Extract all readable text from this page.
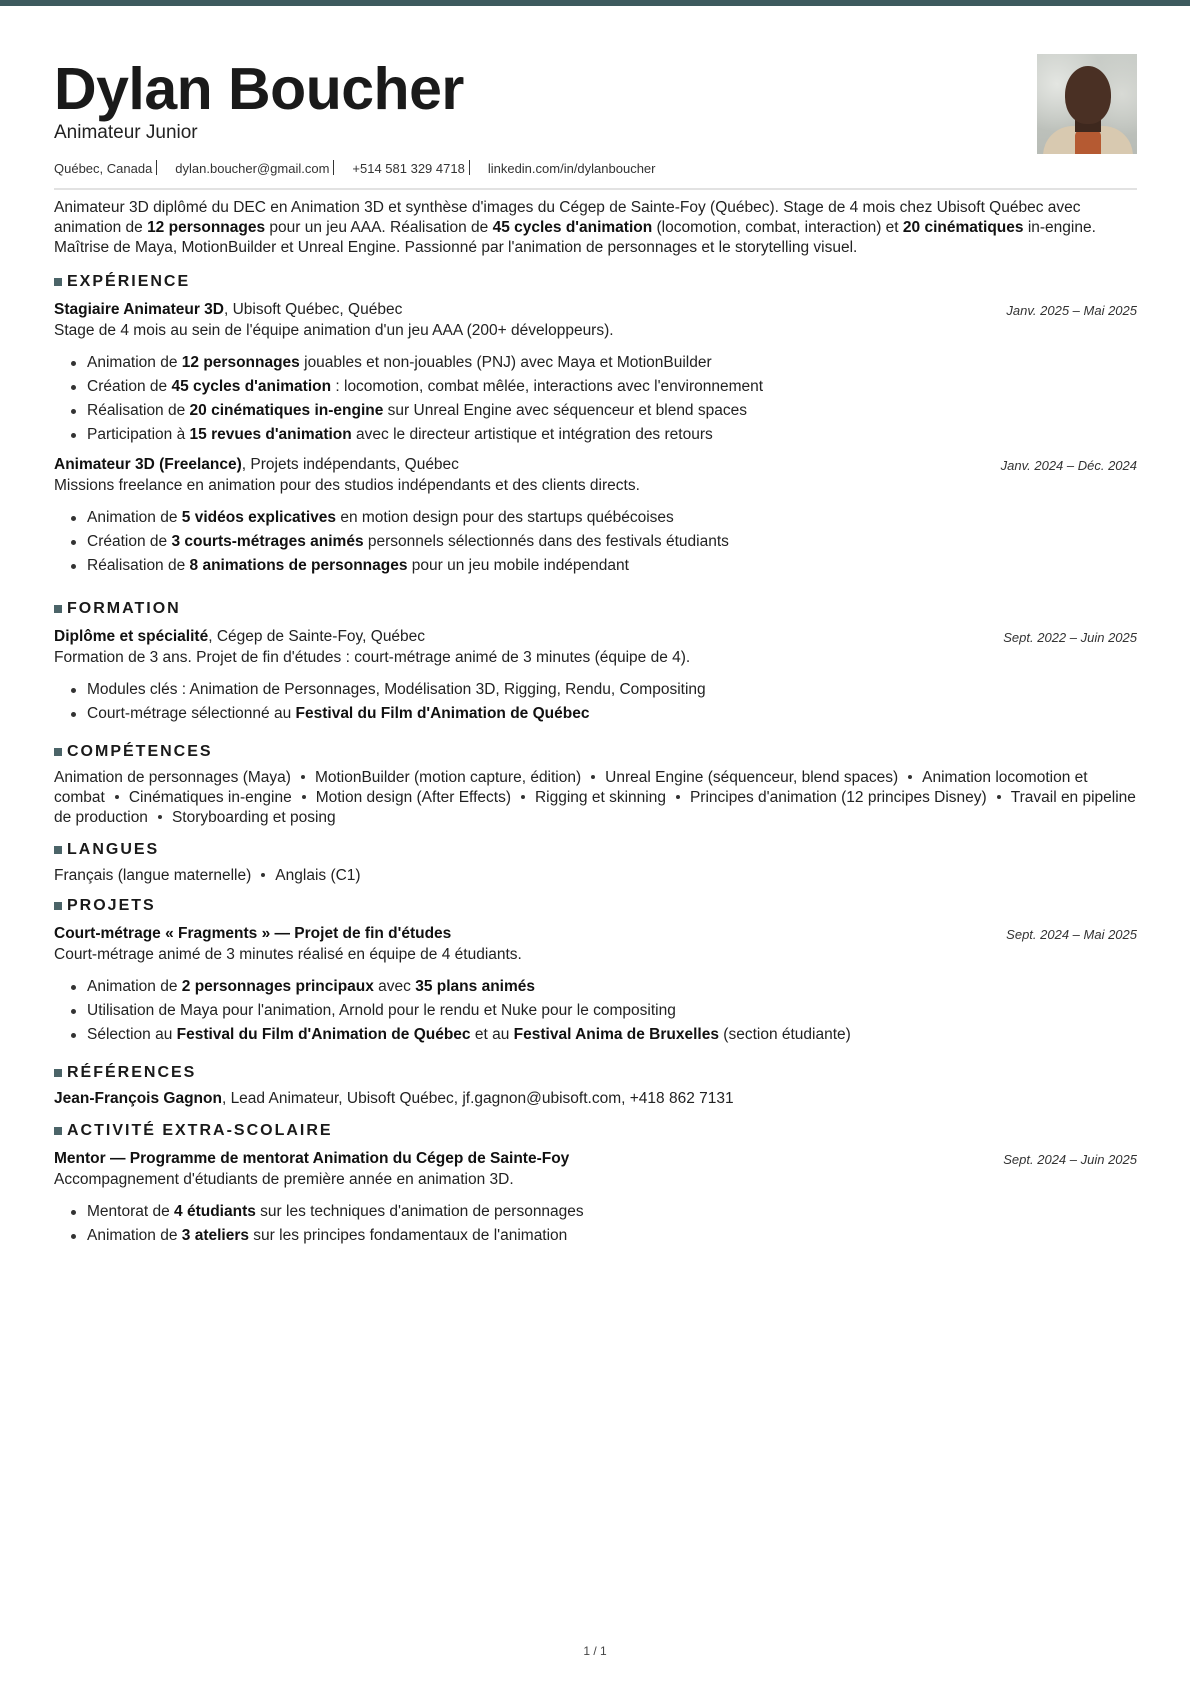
Dylan Boucher
Animateur Junior
Québec, Canada dylan.boucher@gmail.com +514 581 329 4718 linkedin.com/in/dylanboucher

Animateur 3D diplômé du DEC en Animation 3D et synthèse d'images du Cégep de Sainte-Foy (Québec). Stage de 4 mois chez Ubisoft Québec avec animation de 12 personnages pour un jeu AAA. Réalisation de 45 cycles d'animation (locomotion, combat, interaction) et 20 cinématiques in-engine. Maîtrise de Maya, MotionBuilder et Unreal Engine. Passionné par l'animation de personnages et le storytelling visuel.

EXPÉRIENCE
Stagiaire Animateur 3D, Ubisoft Québec, Québec	Janv. 2025 – Mai 2025
Stage de 4 mois au sein de l'équipe animation d'un jeu AAA (200+ développeurs).
Animation de 12 personnages jouables et non-jouables (PNJ) avec Maya et MotionBuilder
Création de 45 cycles d'animation : locomotion, combat mêlée, interactions avec l'environnement
Réalisation de 20 cinématiques in-engine sur Unreal Engine avec séquenceur et blend spaces
Participation à 15 revues d'animation avec le directeur artistique et intégration des retours
Animateur 3D (Freelance), Projets indépendants, Québec	Janv. 2024 – Déc. 2024
Missions freelance en animation pour des studios indépendants et des clients directs.
Animation de 5 vidéos explicatives en motion design pour des startups québécoises
Création de 3 courts-métrages animés personnels sélectionnés dans des festivals étudiants
Réalisation de 8 animations de personnages pour un jeu mobile indépendant
FORMATION
Diplôme et spécialité, Cégep de Sainte-Foy, Québec	Sept. 2022 – Juin 2025
Formation de 3 ans. Projet de fin d'études : court-métrage animé de 3 minutes (équipe de 4).
Modules clés : Animation de Personnages, Modélisation 3D, Rigging, Rendu, Compositing
Court-métrage sélectionné au Festival du Film d'Animation de Québec
COMPÉTENCES
Animation de personnages (Maya) MotionBuilder (motion capture, édition) Unreal Engine (séquenceur, blend spaces) Animation locomotion et combat Cinématiques in-engine Motion design (After Effects) Rigging et skinning Principes d'animation (12 principes Disney) Travail en pipeline de production Storyboarding et posing
LANGUES
Français (langue maternelle) Anglais (C1)
PROJETS
Court-métrage « Fragments » — Projet de fin d'études	Sept. 2024 – Mai 2025
Court-métrage animé de 3 minutes réalisé en équipe de 4 étudiants.
Animation de 2 personnages principaux avec 35 plans animés
Utilisation de Maya pour l'animation, Arnold pour le rendu et Nuke pour le compositing
Sélection au Festival du Film d'Animation de Québec et au Festival Anima de Bruxelles (section étudiante)
RÉFÉRENCES
Jean-François Gagnon, Lead Animateur, Ubisoft Québec, jf.gagnon@ubisoft.com, +418 862 7131
ACTIVITÉ EXTRA-SCOLAIRE
Mentor — Programme de mentorat Animation du Cégep de Sainte-Foy	Sept. 2024 – Juin 2025
Accompagnement d'étudiants de première année en animation 3D.
Mentorat de 4 étudiants sur les techniques d'animation de personnages
Animation de 3 ateliers sur les principes fondamentaux de l'animation
1 / 1
